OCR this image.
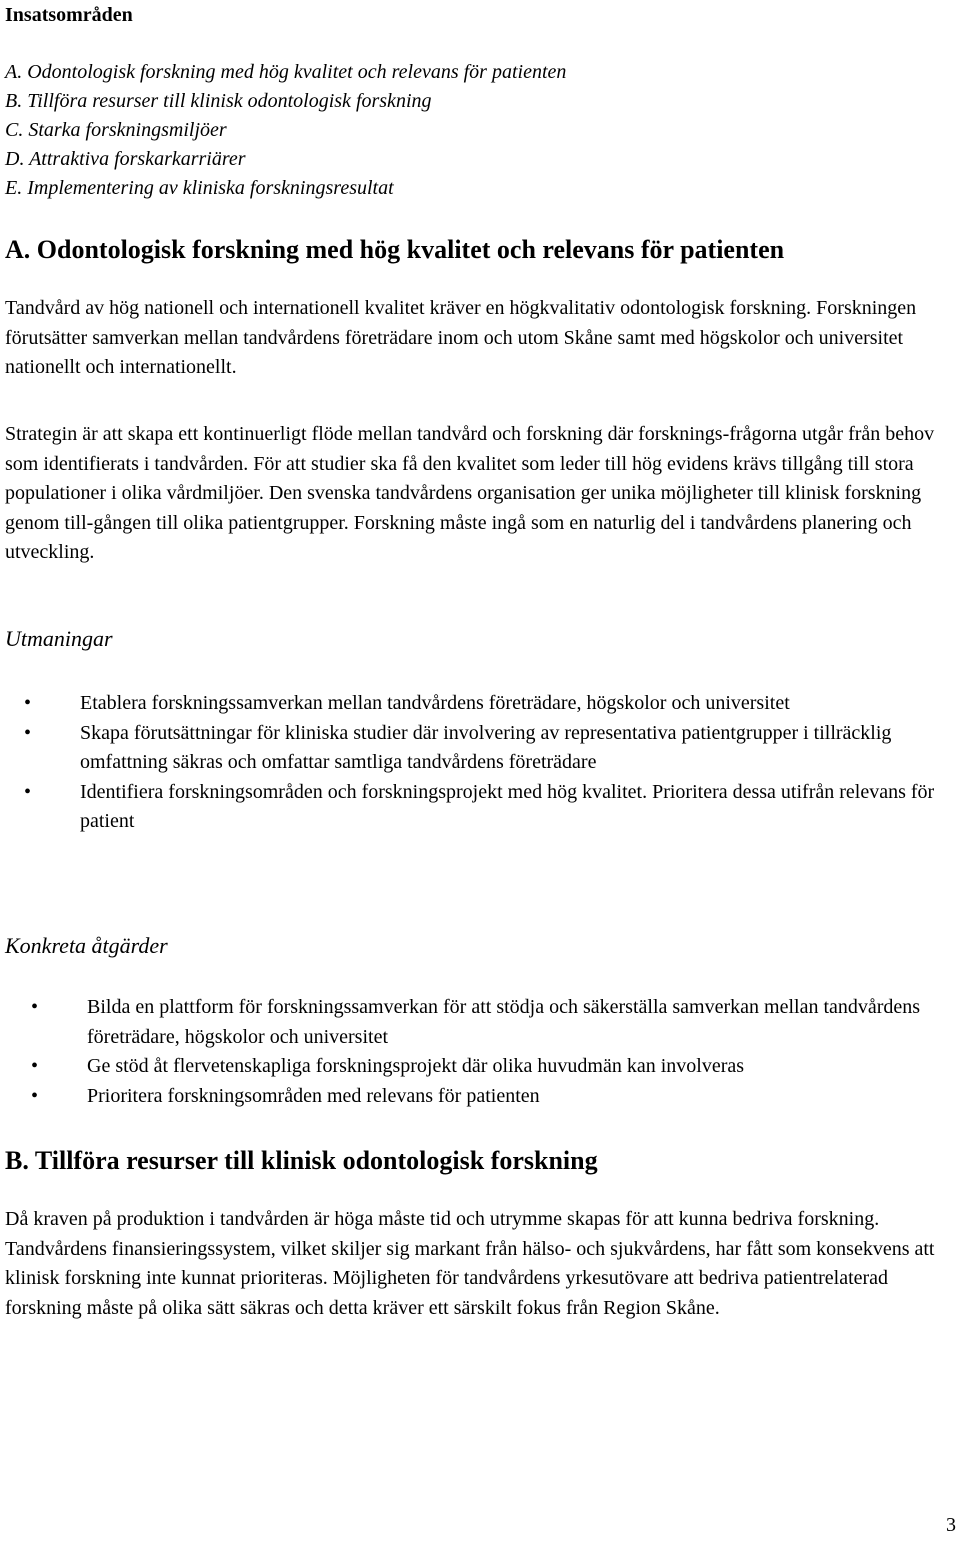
Insatsområden
A. Odontologisk forskning med hög kvalitet och relevans för patienten
B. Tillföra resurser till klinisk odontologisk forskning
C. Starka forskningsmiljöer
D. Attraktiva forskarkarriärer
E. Implementering av kliniska forskningsresultat
A. Odontologisk forskning med hög kvalitet och relevans för patienten

Tandvård av hög nationell och internationell kvalitet kräver en högkvalitativ odontologisk forskning. Forskningen förutsätter samverkan mellan tandvårdens företrädare inom och utom Skåne samt med högskolor och universitet nationellt och internationellt.

Strategin är att skapa ett kontinuerligt flöde mellan tandvård och forskning där forsknings-frågorna utgår från behov som identifierats i tandvården. För att studier ska få den kvalitet som leder till hög evidens krävs tillgång till stora populationer i olika vårdmiljöer. Den svenska tandvårdens organisation ger unika möjligheter till klinisk forskning genom till-gången till olika patientgrupper. Forskning måste ingå som en naturlig del i tandvårdens planering och utveckling.

Utmaningar

• Etablera forskningssamverkan mellan tandvårdens företrädare, högskolor och universitet
• Skapa förutsättningar för kliniska studier där involvering av representativa patientgrupper i tillräcklig omfattning säkras och omfattar samtliga tandvårdens företrädare
• Identifiera forskningsområden och forskningsprojekt med hög kvalitet. Prioritera dessa utifrån relevans för patient

Konkreta åtgärder

• Bilda en plattform för forskningssamverkan för att stödja och säkerställa samverkan mellan tandvårdens företrädare, högskolor och universitet
• Ge stöd åt flervetenskapliga forskningsprojekt där olika huvudmän kan involveras
• Prioritera forskningsområden med relevans för patienten
B. Tillföra resurser till klinisk odontologisk forskning

Då kraven på produktion i tandvården är höga måste tid och utrymme skapas för att kunna bedriva forskning. Tandvårdens finansieringssystem, vilket skiljer sig markant från hälso- och sjukvårdens, har fått som konsekvens att klinisk forskning inte kunnat prioriteras. Möjligheten för tandvårdens yrkesutövare att bedriva patientrelaterad forskning måste på olika sätt säkras och detta kräver ett särskilt fokus från Region Skåne.

3
